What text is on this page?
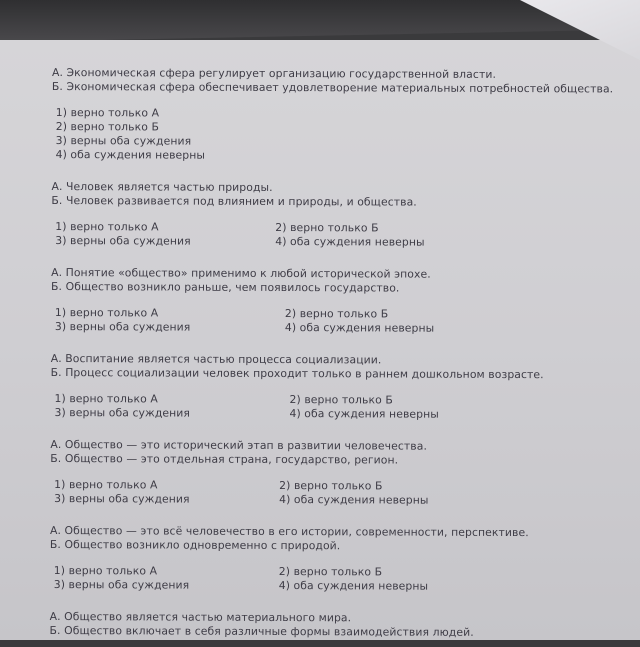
А. Экономическая сфера регулирует организацию государственной власти.
Б. Экономическая сфера обеспечивает удовлетворение материальных потребностей общества.
1) верно только А
2) верно только Б
3) верны оба суждения
4) оба суждения неверны
А. Человек является частью природы.
Б. Человек развивается под влиянием и природы, и общества.
1) верно только А	2) верно только Б
3) верны оба суждения	4) оба суждения неверны
А. Понятие «общество» применимо к любой исторической эпохе.
Б. Общество возникло раньше, чем появилось государство.
1) верно только А	2) верно только Б
3) верны оба суждения	4) оба суждения неверны
А. Воспитание является частью процесса социализации.
Б. Процесс социализации человек проходит только в раннем дошкольном возрасте.
1) верно только А	2) верно только Б
3) верны оба суждения	4) оба суждения неверны
А. Общество — это исторический этап в развитии человечества.
Б. Общество — это отдельная страна, государство, регион.
1) верно только А	2) верно только Б
3) верны оба суждения	4) оба суждения неверны
А. Общество — это всё человечество в его истории, современности, перспективе.
Б. Общество возникло одновременно с природой.
1) верно только А	2) верно только Б
3) верны оба суждения	4) оба суждения неверны
А. Общество является частью материального мира.
Б. Общество включает в себя различные формы взаимодействия людей.
